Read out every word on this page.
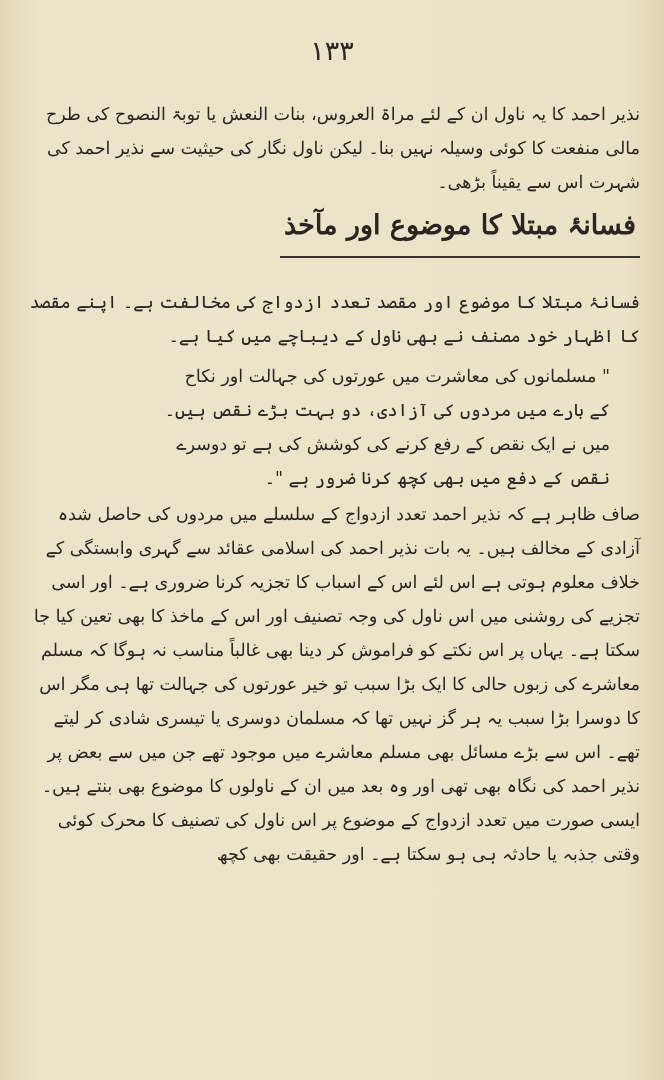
۱۳۳

نذیر احمد کا یہ ناول ان کے لئے مراۃ العروس، بنات النعش یا توبۃ النصوح کی طرح مالی منفعت کا کوئی وسیلہ نہیں بنا۔ لیکن ناول نگار کی حیثیت سے نذیر احمد کی شہرت اس سے یقیناً بڑھی۔

فسانۂ مبتلا کا موضوع اور مآخذ

فسانۂ مبتلا کا موضوع اور مقصد تعدد ازدواج کی مخالفت ہے۔ اپنے مقصد کا اظہار خود مصنف نے بھی ناول کے دیباچے میں کیا ہے۔

" مسلمانوں کی معاشرت میں عورتوں کی جہالت اور نکاح

کے بارے میں مردوں کی آزادی، دو بہت بڑے نقص ہیں۔

میں نے ایک نقص کے رفع کرنے کی کوشش کی ہے تو دوسرے

نقص کے دفع میں بھی کچھ کرنا ضرور ہے "۔

صاف ظاہر ہے کہ نذیر احمد تعدد ازدواج کے سلسلے میں مردوں کی حاصل شدہ آزادی کے مخالف ہیں۔ یہ بات نذیر احمد کی اسلامی عقائد سے گہری وابستگی کے خلاف معلوم ہوتی ہے اس لئے اس کے اسباب کا تجزیہ کرنا ضروری ہے۔ اور اسی تجزیے کی روشنی میں اس ناول کی وجہ تصنیف اور اس کے ماخذ کا بھی تعین کیا جا سکتا ہے۔ یہاں پر اس نکتے کو فراموش کر دینا بھی غالباً مناسب نہ ہوگا کہ مسلم معاشرے کی زبوں حالی کا ایک بڑا سبب تو خیر عورتوں کی جہالت تھا ہی مگر اس کا دوسرا بڑا سبب یہ ہر گز نہیں تھا کہ مسلمان دوسری یا تیسری شادی کر لیتے تھے۔ اس سے بڑے مسائل بھی مسلم معاشرے میں موجود تھے جن میں سے بعض پر نذیر احمد کی نگاہ بھی تھی اور وہ بعد میں ان کے ناولوں کا موضوع بھی بنتے ہیں۔ ایسی صورت میں تعدد ازدواج کے موضوع پر اس ناول کی تصنیف کا محرک کوئی وقتی جذبہ یا حادثہ ہی ہو سکتا ہے۔ اور حقیقت بھی کچھ
